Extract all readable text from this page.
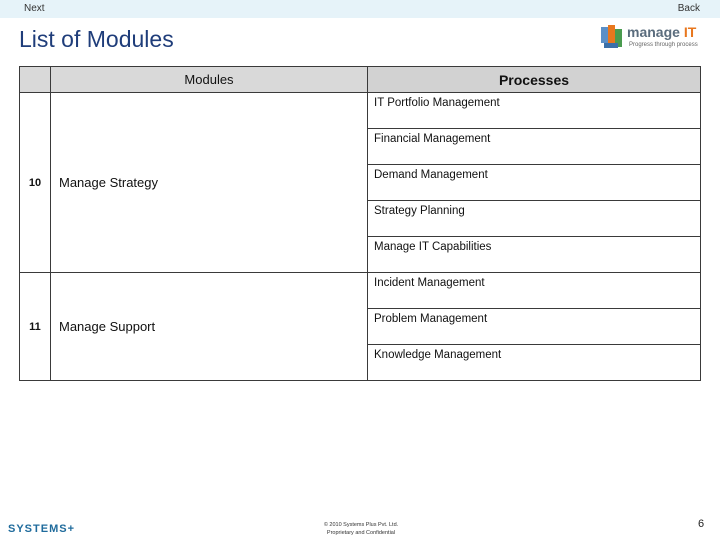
Next	Back
List of Modules	manage IT
Progress through process
	Modules	Processes
10	Manage Strategy	IT Portfolio Management
		Financial Management
		Demand Management
		Strategy Planning
		Manage IT Capabilities
11	Manage Support	Incident Management
		Problem Management
		Knowledge Management
SYSTEMS+	© 2010 Systems Plus Pvt. Ltd.
Proprietary and Confidential
6
